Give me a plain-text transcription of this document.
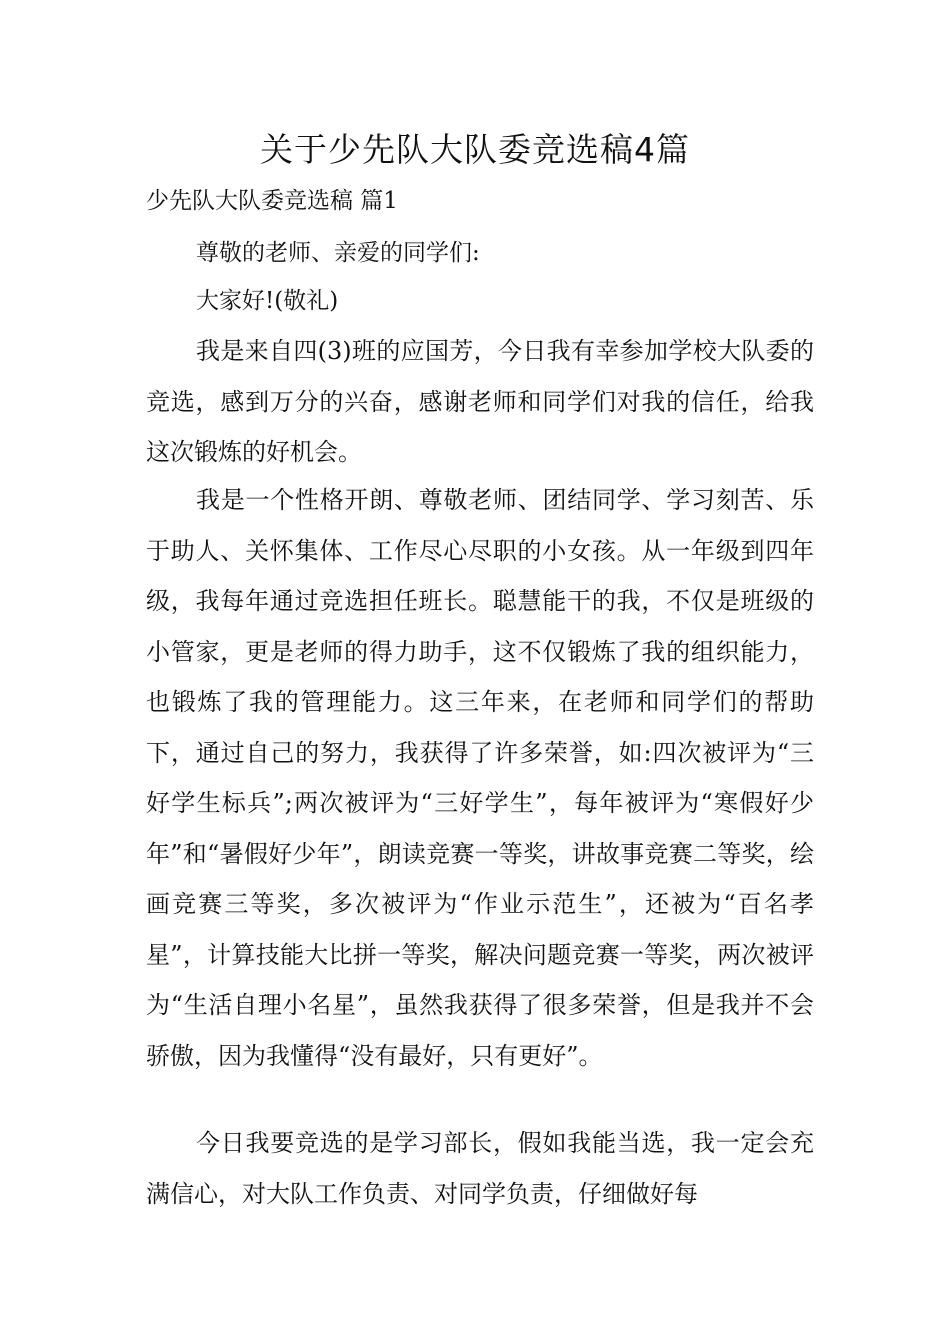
关于少先队大队委竞选稿4篇
少先队大队委竞选稿 篇1

尊敬的老师、亲爱的同学们:

大家好!(敬礼)

我是来自四(3)班的应国芳，今日我有幸参加学校大队委的竞选，感到万分的兴奋，感谢老师和同学们对我的信任，给我这次锻炼的好机会。

我是一个性格开朗、尊敬老师、团结同学、学习刻苦、乐于助人、关怀集体、工作尽心尽职的小女孩。从一年级到四年级，我每年通过竞选担任班长。聪慧能干的我，不仅是班级的小管家，更是老师的得力助手，这不仅锻炼了我的组织能力，也锻炼了我的管理能力。这三年来，在老师和同学们的帮助下，通过自己的努力，我获得了许多荣誉，如:四次被评为“三好学生标兵”;两次被评为“三好学生”，每年被评为“寒假好少年”和“暑假好少年”，朗读竞赛一等奖，讲故事竞赛二等奖，绘画竞赛三等奖，多次被评为“作业示范生”，还被为“百名孝星”，计算技能大比拼一等奖，解决问题竞赛一等奖，两次被评为“生活自理小名星”，虽然我获得了很多荣誉，但是我并不会骄傲，因为我懂得“没有最好，只有更好”。

今日我要竞选的是学习部长，假如我能当选，我一定会充满信心，对大队工作负责、对同学负责，仔细做好每
